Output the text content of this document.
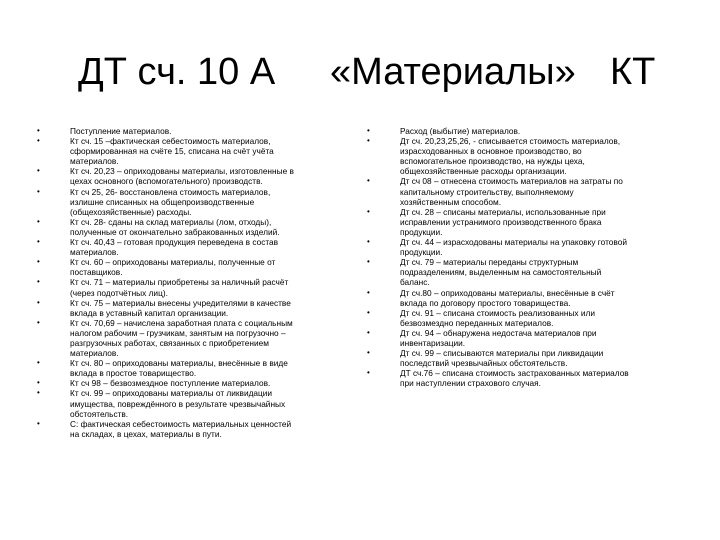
ДТ сч. 10 А «Материалы» КТ
•	Поступление материалов.
•	Кт сч. 15 –фактическая себестоимость материалов,
сформированная на счёте 15, списана на счёт учёта
материалов.
•	Кт сч. 20,23 – оприходованы материалы, изготовленные в
цехах основного (вспомогательного) производств.
•	Кт сч 25, 26- восстановлена стоимость материалов,
излишне списанных на общепроизводственные
(общехозяйственные) расходы.
•	Кт сч. 28- сданы на склад материалы (лом, отходы),
полученные от окончательно забракованных изделий.
•	Кт сч. 40,43 – готовая продукция переведена в состав
материалов.
•	Кт сч. 60 – оприходованы материалы, полученные от
поставщиков.
•	Кт сч. 71 – материалы приобретены за наличный расчёт
(через подотчётных лиц).
•	Кт сч. 75 – материалы внесены учредителями в качестве
вклада в уставный капитал организации.
•	Кт сч. 70,69 – начислена заработная плата с социальным
налогом рабочим – грузчикам, занятым на погрузочно –
разгрузочных работах, связанных с приобретением
материалов.
•	Кт сч. 80 – оприходованы материалы, внесённые в виде
вклада в простое товарищество.
•	Кт сч 98 – безвозмездное поступление материалов.
•	Кт сч. 99 – оприходованы материалы от ликвидации
имущества, повреждённого в результате чрезвычайных
обстоятельств.
•	С: фактическая себестоимость материальных ценностей
на складах, в цехах, материалы в пути.
•	Расход (выбытие) материалов.
•	Дт сч. 20,23,25,26, - списывается стоимость материалов,
израсходованных в основное производство, во
вспомогательное производство, на нужды цеха,
общехозяйственные расходы организации.
•	Дт сч 08 – отнесена стоимость материалов на затраты по
капитальному строительству, выполняемому
хозяйственным способом.
•	Дт сч. 28 – списаны материалы, использованные при
исправлении устранимого производственного брака
продукции.
•	Дт сч. 44 – израсходованы материалы на упаковку готовой
продукции.
•	Дт сч. 79 – материалы переданы структурным
подразделениям, выделенным на самостоятельный
баланс.
•	Дт сч.80 – оприходованы материалы, внесённые в счёт
вклада по договору простого товарищества.
•	Дт сч. 91 – списана стоимость реализованных или
безвозмездно переданных материалов.
•	Дт сч. 94 – обнаружена недостача материалов при
инвентаризации.
•	Дт сч. 99 – списываются материалы при ликвидации
последствий чрезвычайных обстоятельств.
•	ДТ сч.76 – списана стоимость застрахованных материалов
при наступлении страхового случая.
